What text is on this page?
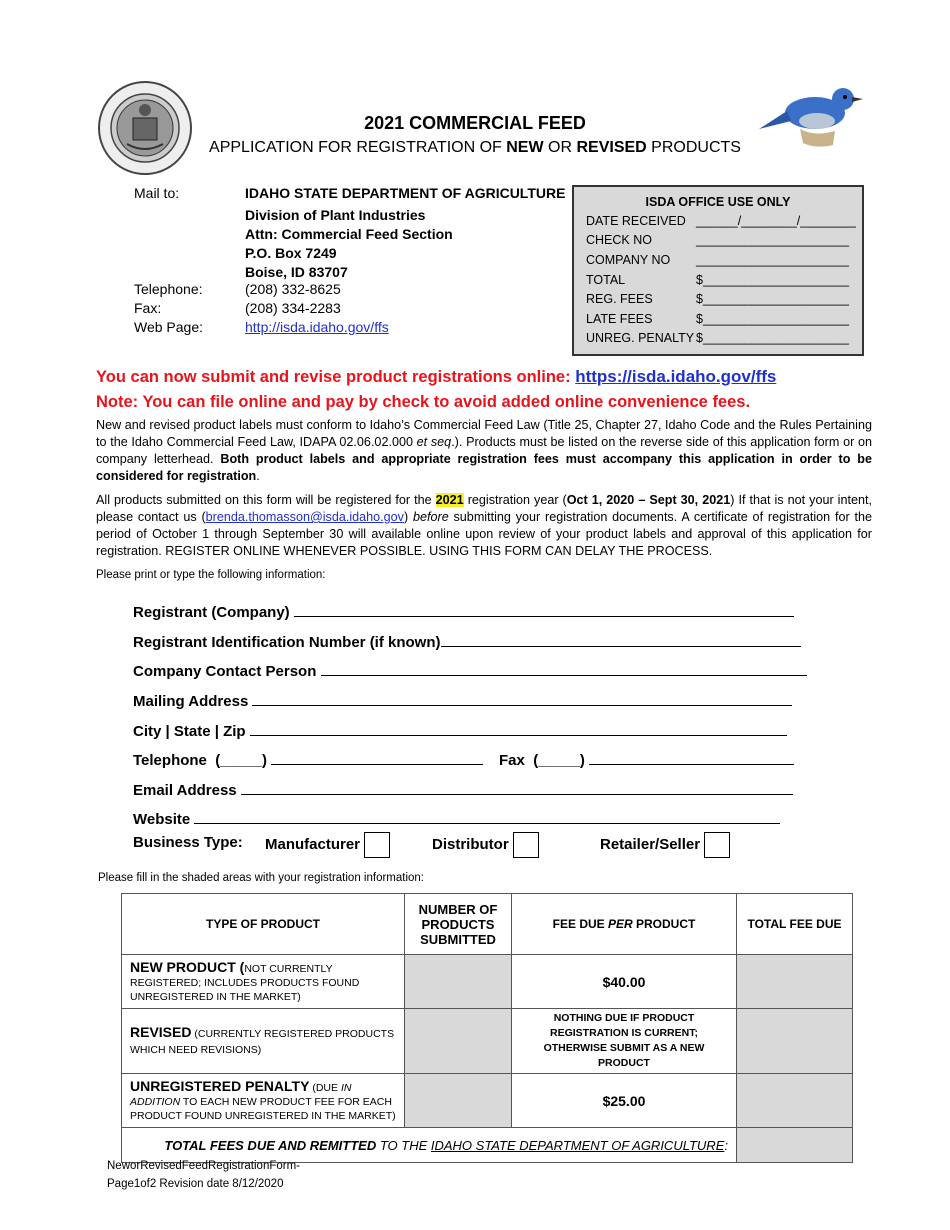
2021 COMMERCIAL FEED
APPLICATION FOR REGISTRATION OF NEW OR REVISED PRODUCTS
Mail to:	IDAHO STATE DEPARTMENT OF AGRICULTURE
Division of Plant Industries
Attn: Commercial Feed Section
P.O. Box 7249
Boise, ID 83707
Telephone:	(208) 332-8625
Fax:	(208) 334-2283
Web Page:	http://isda.idaho.gov/ffs
ISDA OFFICE USE ONLY
DATE RECEIVED ______/________/________
CHECK NO	______________________
COMPANY NO ______________________
TOTAL	$_____________________
REG. FEES	$_____________________
LATE FEES	$_____________________
UNREG. PENALTY $_____________________
You can now submit and revise product registrations online: https://isda.idaho.gov/ffs
Note: You can file online and pay by check to avoid added online convenience fees.
New and revised product labels must conform to Idaho’s Commercial Feed Law (Title 25, Chapter 27, Idaho Code and the Rules Pertaining to the Idaho Commercial Feed Law, IDAPA 02.06.02.000 et seq.). Products must be listed on the reverse side of this application form or on company letterhead. Both product labels and appropriate registration fees must accompany this application in order to be considered for registration.
All products submitted on this form will be registered for the 2021 registration year (Oct 1, 2020 – Sept 30, 2021) If that is not your intent, please contact us (brenda.thomasson@isda.idaho.gov) before submitting your registration documents. A certificate of registration for the period of October 1 through September 30 will available online upon review of your product labels and approval of this application for registration. REGISTER ONLINE WHENEVER POSSIBLE. USING THIS FORM CAN DELAY THE PROCESS.
Please print or type the following information:
Registrant (Company)
Registrant Identification Number (if known)
Company Contact Person
Mailing Address
City | State | Zip
Telephone (_____)	Fax (_____)
Email Address
Website
Business Type: Manufacturer	Distributor	Retailer/Seller
Please fill in the shaded areas with your registration information:
TYPE OF PRODUCT	NUMBER OF PRODUCTS SUBMITTED	FEE DUE PER PRODUCT	TOTAL FEE DUE
NEW PRODUCT (NOT CURRENTLY REGISTERED; INCLUDES PRODUCTS FOUND UNREGISTERED IN THE MARKET)		$40.00	
REVISED (CURRENTLY REGISTERED PRODUCTS WHICH NEED REVISIONS)		NOTHING DUE IF PRODUCT REGISTRATION IS CURRENT; OTHERWISE SUBMIT AS A NEW PRODUCT	
UNREGISTERED PENALTY (DUE IN ADDITION TO EACH NEW PRODUCT FEE FOR EACH PRODUCT FOUND UNREGISTERED IN THE MARKET)		$25.00	
TOTAL FEES DUE AND REMITTED TO THE IDAHO STATE DEPARTMENT OF AGRICULTURE:			
NeworRevisedFeedRegistrationForm-
Page1of2 Revision date 8/12/2020
